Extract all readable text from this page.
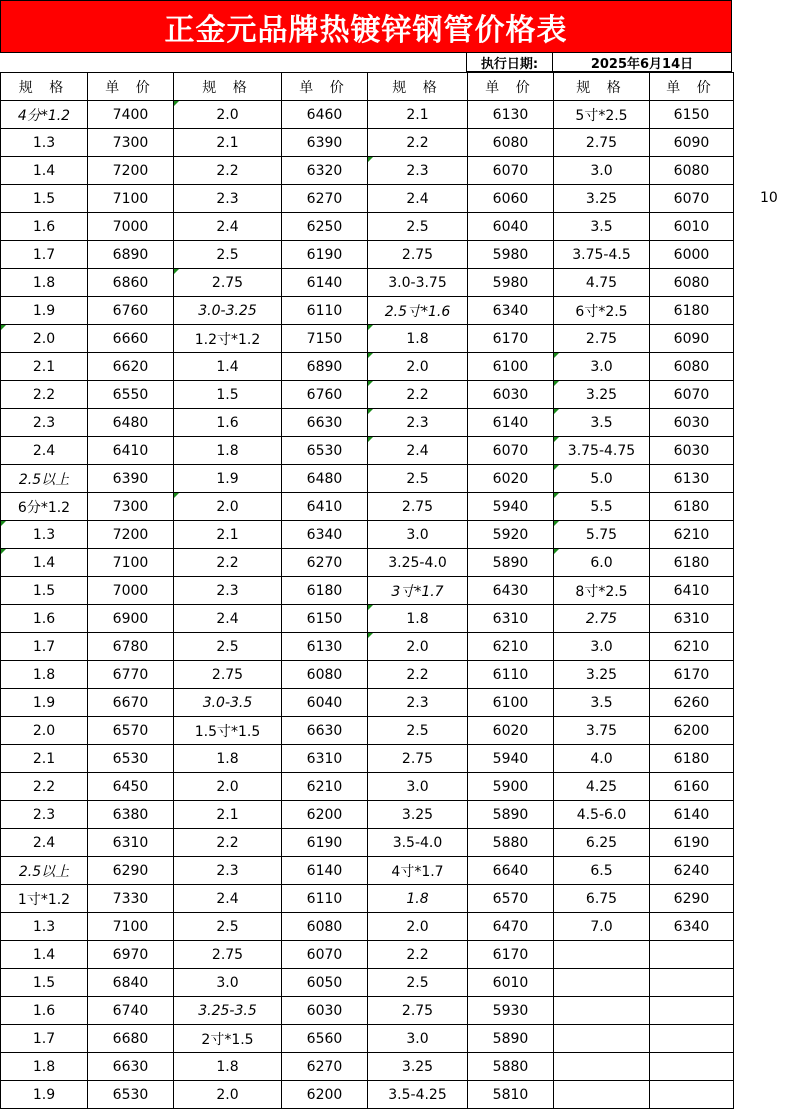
正金元品牌热镀锌钢管价格表
执行日期:	2025年6月14日
10
规 格	单 价	规 格	单 价	规 格	单 价	规 格	单 价
4分*1.2	7400	2.0	6460	2.1	6130	5寸*2.5	6150
1.3	7300	2.1	6390	2.2	6080	2.75	6090
1.4	7200	2.2	6320	2.3	6070	3.0	6080
1.5	7100	2.3	6270	2.4	6060	3.25	6070
1.6	7000	2.4	6250	2.5	6040	3.5	6010
1.7	6890	2.5	6190	2.75	5980	3.75-4.5	6000
1.8	6860	2.75	6140	3.0-3.75	5980	4.75	6080
1.9	6760	3.0-3.25	6110	2.5寸*1.6	6340	6寸*2.5	6180
2.0	6660	1.2寸*1.2	7150	1.8	6170	2.75	6090
2.1	6620	1.4	6890	2.0	6100	3.0	6080
2.2	6550	1.5	6760	2.2	6030	3.25	6070
2.3	6480	1.6	6630	2.3	6140	3.5	6030
2.4	6410	1.8	6530	2.4	6070	3.75-4.75	6030
2.5以上	6390	1.9	6480	2.5	6020	5.0	6130
6分*1.2	7300	2.0	6410	2.75	5940	5.5	6180
1.3	7200	2.1	6340	3.0	5920	5.75	6210
1.4	7100	2.2	6270	3.25-4.0	5890	6.0	6180
1.5	7000	2.3	6180	3寸*1.7	6430	8寸*2.5	6410
1.6	6900	2.4	6150	1.8	6310	2.75	6310
1.7	6780	2.5	6130	2.0	6210	3.0	6210
1.8	6770	2.75	6080	2.2	6110	3.25	6170
1.9	6670	3.0-3.5	6040	2.3	6100	3.5	6260
2.0	6570	1.5寸*1.5	6630	2.5	6020	3.75	6200
2.1	6530	1.8	6310	2.75	5940	4.0	6180
2.2	6450	2.0	6210	3.0	5900	4.25	6160
2.3	6380	2.1	6200	3.25	5890	4.5-6.0	6140
2.4	6310	2.2	6190	3.5-4.0	5880	6.25	6190
2.5以上	6290	2.3	6140	4寸*1.7	6640	6.5	6240
1寸*1.2	7330	2.4	6110	1.8	6570	6.75	6290
1.3	7100	2.5	6080	2.0	6470	7.0	6340
1.4	6970	2.75	6070	2.2	6170		
1.5	6840	3.0	6050	2.5	6010		
1.6	6740	3.25-3.5	6030	2.75	5930		
1.7	6680	2寸*1.5	6560	3.0	5890		
1.8	6630	1.8	6270	3.25	5880		
1.9	6530	2.0	6200	3.5-4.25	5810		
